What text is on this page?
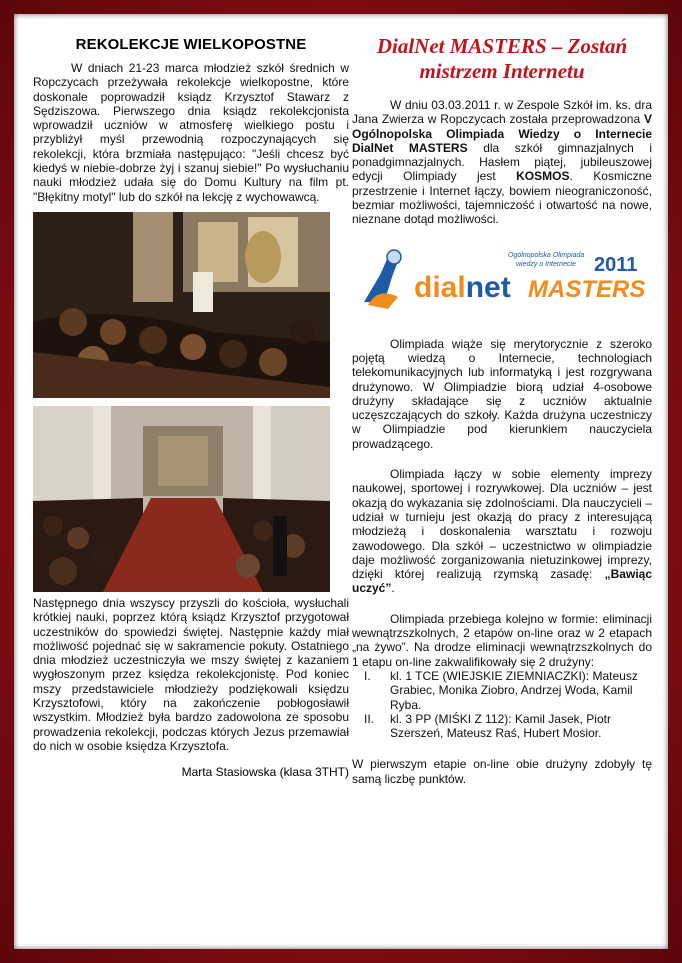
REKOLEKCJE WIELKOPOSTNE

W dniach 21-23 marca młodzież szkół średnich w Ropczycach przeżywała rekolekcje wielkopostne, które doskonale poprowadził ksiądz Krzysztof Stawarz z Sędziszowa. Pierwszego dnia ksiądz rekolekcjonista wprowadził uczniów w atmosferę wielkiego postu i przybliżył myśl przewodnią rozpoczynających się rekolekcji, która brzmiała następująco: "Jeśli chcesz być kiedyś w niebie-dobrze żyj i szanuj siebie!" Po wysłuchaniu nauki młodzież udała się do Domu Kultury na film pt. "Błękitny motyl" lub do szkół na lekcję z wychowawcą.

Następnego dnia wszyscy przyszli do kościoła, wysłuchali krótkiej nauki, poprzez którą ksiądz Krzysztof przygotował uczestników do spowiedzi świętej. Następnie każdy miał możliwość pojednać się w sakramencie pokuty. Ostatniego dnia młodzież uczestniczyła we mszy świętej z kazaniem wygłoszonym przez księdza rekolekcjonistę. Pod koniec mszy przedstawiciele młodzieży podziękowali księdzu Krzysztofowi, który na zakończenie pobłogosławił wszystkim. Młodzież była bardzo zadowolona ze sposobu prowadzenia rekolekcji, podczas których Jezus przemawiał do nich w osobie księdza Krzysztofa.

Marta Stasiowska (klasa 3THT)
DialNet MASTERS – Zostań mistrzem Internetu

W dniu 03.03.2011 r. w Zespole Szkół im. ks. dra Jana Zwierza w Ropczycach została przeprowadzona V Ogólnopolska Olimpiada Wiedzy o Internecie DialNet MASTERS dla szkół gimnazjalnych i ponadgimnazjalnych. Hasłem piątej, jubileuszowej edycji Olimpiady jest KOSMOS. Kosmiczne przestrzenie i Internet łączy, bowiem nieograniczoność, bezmiar możliwości, tajemniczość i otwartość na nowe, nieznane dotąd możliwości.

Ogólnopolska Olimpiada
wiedzy o Internecie 2011
dialnet MASTERS

Olimpiada wiąże się merytorycznie z szeroko pojętą wiedzą o Internecie, technologiach telekomunikacyjnych lub informatyką i jest rozgrywana drużynowo. W Olimpiadzie biorą udział 4-osobowe drużyny składające się z uczniów aktualnie uczęszczających do szkoły. Każda drużyna uczestniczy w Olimpiadzie pod kierunkiem nauczyciela prowadzącego.

Olimpiada łączy w sobie elementy imprezy naukowej, sportowej i rozrywkowej. Dla uczniów – jest okazją do wykazania się zdolnościami. Dla nauczycieli – udział w turnieju jest okazją do pracy z interesującą młodzieżą i doskonalenia warsztatu i rozwoju zawodowego. Dla szkół – uczestnictwo w olimpiadzie daje możliwość zorganizowania nietuzinkowej imprezy, dzięki której realizują rzymską zasadę: „Bawiąc uczyć”.

Olimpiada przebiega kolejno w formie: eliminacji wewnątrzszkolnych, 2 etapów on-line oraz w 2 etapach „na żywo”. Na drodze eliminacji wewnątrzszkolnych do 1 etapu on-line zakwalifikowały się 2 drużyny:

I. kl. 1 TCE (WIEJSKIE ZIEMNIACZKI): Mateusz Grabiec, Monika Ziobro, Andrzej Woda, Kamil Ryba.
II. kl. 3 PP (MIŚKI Z 112): Kamil Jasek, Piotr Szerszeń, Mateusz Raś, Hubert Mosior.

W pierwszym etapie on-line obie drużyny zdobyły tę samą liczbę punktów.
